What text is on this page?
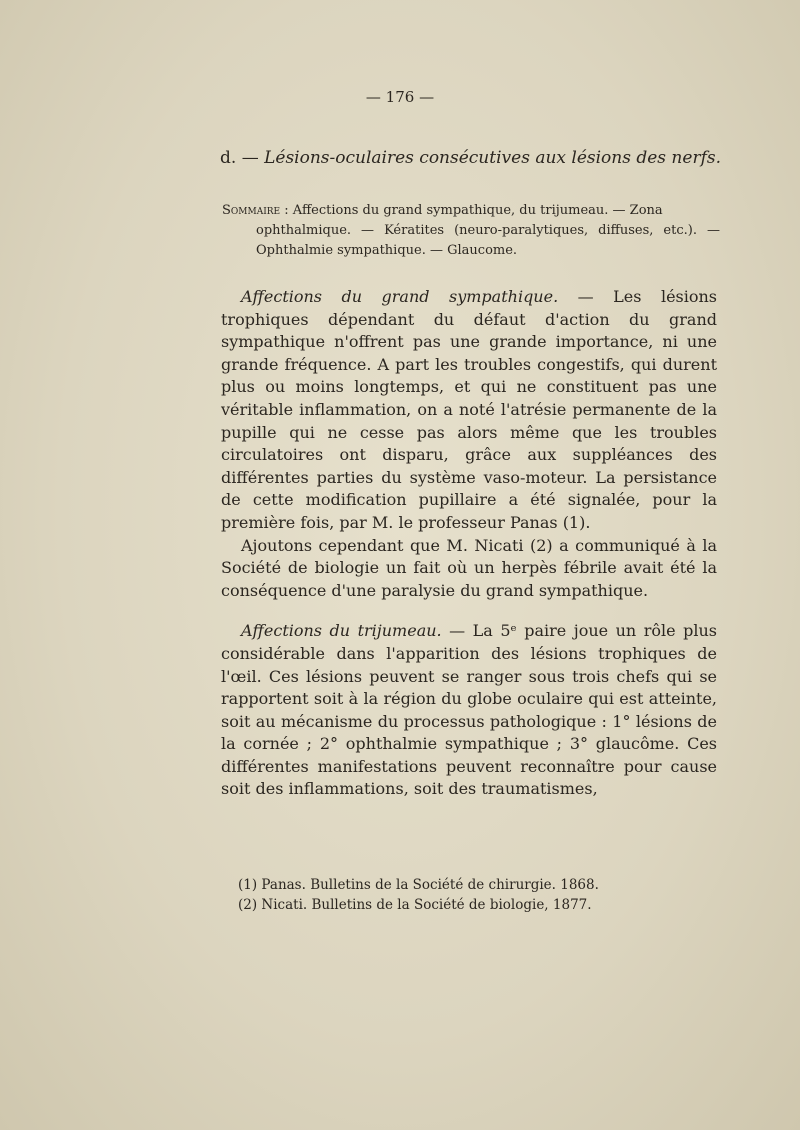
— 176 —
d. — Lésions-oculaires consécutives aux lésions des nerfs.
Sommaire : Affections du grand sympathique, du trijumeau. — Zona
ophthalmique. — Kératites (neuro-paralytiques, diffuses, etc.). — Ophthalmie sympathique. — Glaucome.

Affections du grand sympathique. — Les lésions trophiques dépendant du défaut d'action du grand sympathique n'offrent pas une grande importance, ni une grande fréquence. A part les troubles congestifs, qui durent plus ou moins longtemps, et qui ne constituent pas une véritable inflammation, on a noté l'atrésie permanente de la pupille qui ne cesse pas alors même que les troubles circulatoires ont disparu, grâce aux suppléances des différentes parties du système vaso-moteur. La persistance de cette modification pupillaire a été signalée, pour la première fois, par M. le professeur Panas (1).

Ajoutons cependant que M. Nicati (2) a communiqué à la Société de biologie un fait où un herpès fébrile avait été la conséquence d'une paralysie du grand sympathique.

Affections du trijumeau. — La 5ᵉ paire joue un rôle plus considérable dans l'apparition des lésions trophiques de l'œil. Ces lésions peuvent se ranger sous trois chefs qui se rapportent soit à la région du globe oculaire qui est atteinte, soit au mécanisme du processus pathologique : 1° lésions de la cornée ; 2° ophthalmie sympathique ; 3° glaucôme. Ces différentes manifestations peuvent reconnaître pour cause soit des inflammations, soit des traumatismes,

(1) Panas. Bulletins de la Société de chirurgie. 1868.
(2) Nicati. Bulletins de la Société de biologie, 1877.
